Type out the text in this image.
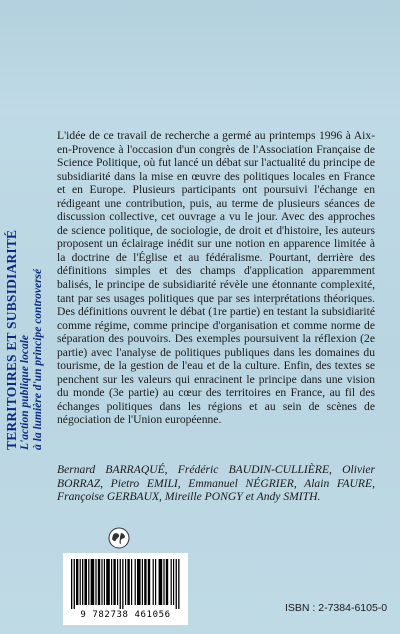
TERRITOIRES ET SUBSIDIARITÉ L'action publique locale à la lumière d'un principe controversé

L'idée de ce travail de recherche a germé au printemps 1996 à Aix-en-Provence à l'occasion d'un congrès de l'Association Française de Science Politique, où fut lancé un débat sur l'actualité du principe de subsidiarité dans la mise en œuvre des politiques locales en France et en Europe. Plusieurs participants ont poursuivi l'échange en rédigeant une contribution, puis, au terme de plusieurs séances de discussion collective, cet ouvrage a vu le jour. Avec des approches de science politique, de sociologie, de droit et d'histoire, les auteurs proposent un éclairage inédit sur une notion en apparence limitée à la doctrine de l'Église et au fédéralisme. Pourtant, derrière des définitions simples et des champs d'application apparemment balisés, le principe de subsidiarité révèle une étonnante complexité, tant par ses usages politiques que par ses interprétations théoriques. Des définitions ouvrent le débat (1re partie) en testant la subsidiarité comme régime, comme principe d'organisation et comme norme de séparation des pouvoirs. Des exemples poursuivent la réflexion (2e partie) avec l'analyse de politiques publiques dans les domaines du tourisme, de la gestion de l'eau et de la culture. Enfin, des textes se penchent sur les valeurs qui enracinent le principe dans une vision du monde (3e partie) au cœur des territoires en France, au fil des échanges politiques dans les régions et au sein de scènes de négociation de l'Union européenne.

Bernard BARRAQUÉ, Frédéric BAUDIN-CULLIÈRE, Olivier BORRAZ, Pietro EMILI, Emmanuel NÉGRIER, Alain FAURE, Françoise GERBAUX, Mireille PONGY et Andy SMITH.
9 782738 461056
ISBN : 2-7384-6105-0
